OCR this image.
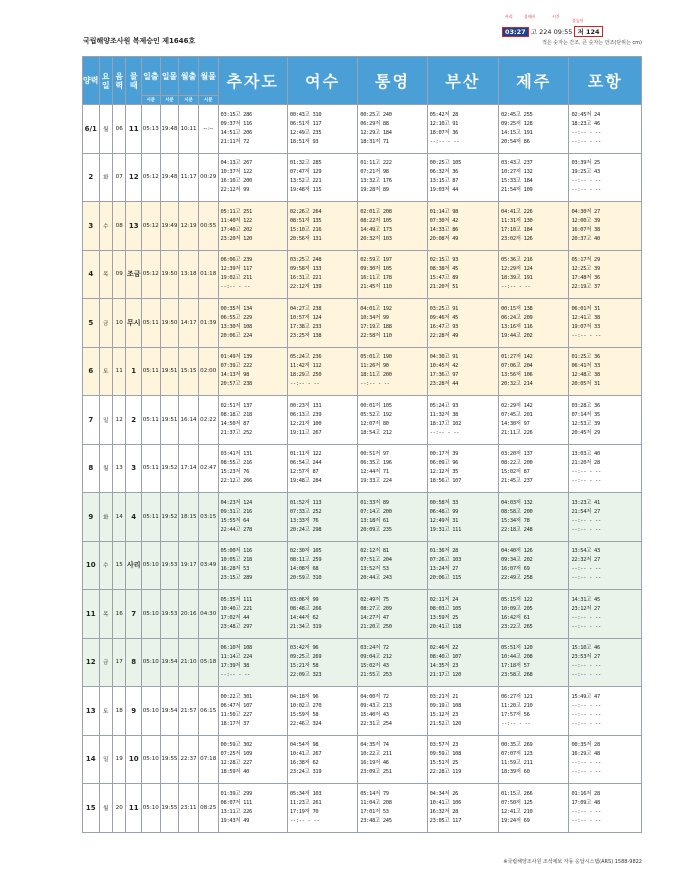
국립해양조사원 복제승인 제1646호
사리	물때시	시간
물높이
03:27 고 224 09:55 저 124
적은 숫자는 간조, 큰 숫자는 만조(단위는 cm)
양력	요일	음력	물때	일출	일몰	월출	월몰	추자도	여수	통영	부산	제주	포항
				시분	시분	시분	시분						
6/1	월	06	11	05:13	19:48	10:11	--:--	03:15고 286
09:37저 116
14:51고 206
21:11저 72	00:43고 310
06:51저 117
12:49고 235
18:51저 93	00:25고 240
06:29저 88
12:29고 184
18:31저 71	05:42저 28
12:10고 91
18:07저 36
--:-- - --	02:45고 255
09:25저 128
14:15고 191
20:54저 86	02:45저 24
18:23고 46
--:-- - --
--:-- - --
2	화	07	12	05:12	19:48	11:17	00:29	04:13고 267
10:37저 122
16:10고 200
22:12저 99	01:32고 285
07:47저 129
13:52고 221
19:48저 115	01:11고 222
07:21저 98
13:32고 176
19:28저 89	00:25고 105
06:32저 36
13:15고 87
19:03저 44	03:43고 237
10:27저 132
15:33고 184
21:54저 109	03:39저 25
19:25고 43
--:-- - --
--:-- - --
3	수	08	13	05:12	19:49	12:19	00:55	05:11고 251
11:40저 122
17:40고 202
23:20저 120	02:26고 264
08:51저 135
15:10고 216
20:56저 131	02:01고 208
08:22저 105
14:49고 173
20:32저 103	01:14고 98
07:30저 42
14:33고 86
20:08저 49	04:41고 226
11:31저 130
17:10고 184
23:02저 126	04:30저 27
12:00고 39
16:07저 38
20:37고 40
4	목	09	조금	05:12	19:50	13:18	01:18	06:06고 239
12:39저 117
19:02고 211
--:-- - --	03:25고 248
09:58저 133
16:31고 221
22:12저 139	02:59고 197
09:30저 105
16:11고 178
21:45저 110	02:15고 93
08:38저 45
15:47고 89
21:20저 51	05:36고 216
12:29저 124
18:39고 191
--:-- - --	05:17저 29
12:25고 39
17:48저 36
22:19고 37
5	금	10	무시	05:11	19:50	14:17	01:39	00:35저 134
06:55고 229
13:30저 108
20:06고 224	04:27고 238
10:57저 124
17:38고 233
23:25저 138	04:01고 192
10:34저 99
17:19고 188
22:58저 110	03:25고 91
09:46저 45
16:47고 93
22:28저 49	00:15저 138
06:24고 209
13:16저 116
19:44고 202	06:01저 31
12:41고 38
19:07저 33
--:-- - --
6	토	11	1	05:11	19:51	15:15	02:00	01:49저 139
07:39고 222
14:13저 98
20:57고 238	05:24고 236
11:42저 112
18:29고 250
--:-- - --	05:01고 190
11:26저 90
18:11고 200
--:-- - --	04:30고 91
10:45저 42
17:36고 97
23:28저 44	01:27저 142
07:06고 204
13:56저 106
20:32고 214	01:25고 36
06:41저 33
12:48고 38
20:05저 31
7	일	12	2	05:11	19:51	16:14	02:22	02:51저 137
08:18고 218
14:50저 87
21:37고 252	00:23저 131
06:13고 239
12:21저 100
19:11고 267	00:01저 105
05:52고 192
12:07저 80
18:54고 212	05:24고 93
11:32저 38
18:17고 102
--:-- - --	02:29저 142
07:45고 201
14:30저 97
21:11고 226	03:28고 36
07:14저 35
12:53고 39
20:45저 29
8	월	13	3	05:11	19:52	17:14	02:47	03:41저 131
08:55고 216
15:23저 76
22:12고 266	01:11저 122
06:54고 244
12:57저 87
19:48고 284	00:51저 97
06:35고 196
12:44저 71
19:33고 224	00:17저 39
06:09고 96
12:12저 35
18:56고 107	03:20저 137
08:22고 200
15:02저 87
21:45고 237	13:03고 40
21:20저 28
--:-- - --
--:-- - --
9	화	14	4	05:11	19:52	18:15	03:15	04:23저 124
09:31고 216
15:55저 64
22:44고 278	01:52저 113
07:33고 252
13:33저 76
20:24고 298	01:33저 89
07:14고 200
13:18저 61
20:09고 235	00:58저 33
06:48고 99
12:49저 31
19:31고 111	04:03저 132
08:58고 200
15:34저 78
22:18고 248	13:23고 41
21:54저 27
--:-- - --
--:-- - --
10	수	15	사리	05:10	19:53	19:17	03:49	05:00저 116
10:05고 218
16:28저 53
23:15고 289	02:30저 105
08:11고 259
14:08저 68
20:59고 310	02:12저 81
07:51고 204
13:52저 53
20:44고 243	01:36저 28
07:26고 103
13:24저 27
20:06고 115	04:40저 126
09:34고 202
16:07저 69
22:49고 258	13:54고 43
22:32저 27
--:-- - --
--:-- - --
11	목	16	7	05:10	19:53	20:16	04:30	05:35저 111
10:40고 221
17:02저 44
23:48고 297	03:06저 99
08:48고 266
14:44저 62
21:34고 319	02:49저 75
08:27고 209
14:27저 47
21:20고 250	02:11저 24
08:03고 105
13:59저 25
20:41고 118	05:15저 122
10:09고 205
16:42저 61
23:22고 265	14:31고 45
23:12저 27
--:-- - --
--:-- - --
12	금	17	8	05:10	19:54	21:10	05:18	06:10저 108
11:14고 224
17:39저 38
--:-- - --	03:42저 96
09:25고 269
15:21저 58
22:09고 323	03:24저 72
09:04고 212
15:02저 43
21:55고 253	02:46저 22
08:40고 107
14:35저 23
21:17고 120	05:51저 120
10:44고 208
17:18저 57
23:58고 268	15:10고 46
23:53저 27
--:-- - --
--:-- - --
13	토	18	9	05:10	19:54	21:57	06:15	00:22고 301
06:47저 107
11:50고 227
18:17저 37	04:18저 96
10:02고 270
15:59저 58
22:46고 324	04:00저 72
09:43고 213
15:40저 43
22:31고 254	03:21저 21
09:19고 108
15:12저 23
21:52고 120	06:27저 121
11:20고 210
17:57저 56
--:-- - --	15:49고 47
--:-- - --
--:-- - --
--:-- - --
14	일	19	10	05:10	19:55	22:37	07:18	00:59고 302
07:25저 109
12:28고 227
18:59저 40	04:54저 98
10:41고 267
16:38저 62
23:24고 319	04:35저 74
10:22고 211
16:19저 46
23:09고 251	03:57저 23
09:59고 108
15:51저 25
22:28고 119	00:35고 269
07:07저 123
11:59고 211
18:39저 60	00:35저 28
16:29고 48
--:-- - --
--:-- - --
15	월	20	11	05:10	19:55	23:11	08:25	01:39고 299
08:07저 111
13:11고 226
19:43저 49	05:34저 103
11:23고 261
17:19저 70
--:-- - --	05:14저 79
11:04고 208
17:01저 53
23:48고 245	04:34저 26
10:41고 106
16:32저 28
23:05고 117	01:15고 266
07:50저 125
12:41고 210
19:24저 69	01:16저 28
17:09고 48
--:-- - --
--:-- - --
※국립해양조사원 조석예보 자동 응답시스템(ARS) 1588-9822
